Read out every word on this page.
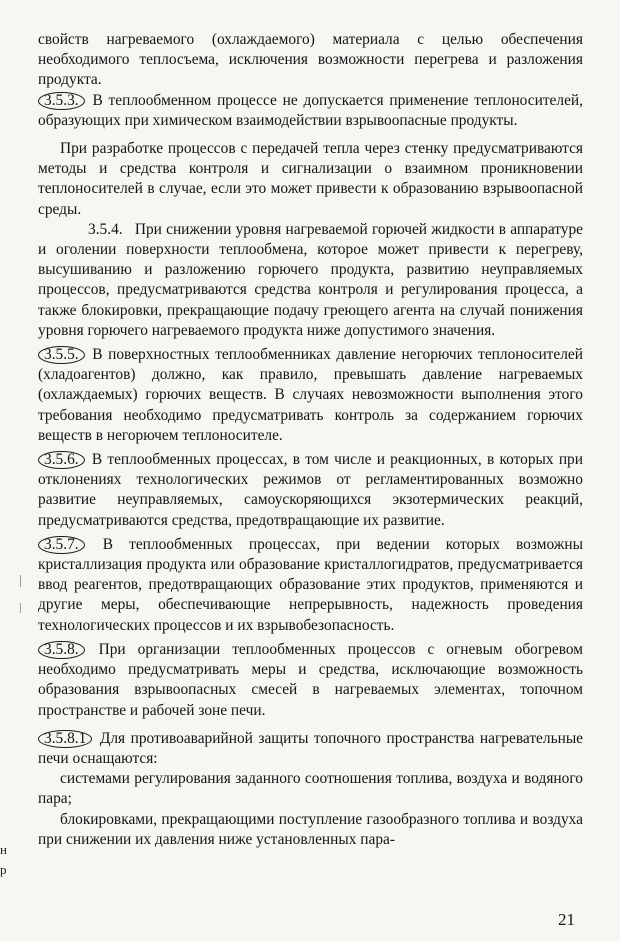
свойств нагреваемого (охлаждаемого) материала с целью обеспечения необходимого теплосъема, исключения возможности перегрева и разложения продукта.

3.5.3. В теплообменном процессе не допускается применение теплоносителей, образующих при химическом взаимодействии взрывоопасные продукты.

При разработке процессов с передачей тепла через стенку предусматриваются методы и средства контроля и сигнализации о взаимном проникновении теплоносителей в случае, если это может привести к образованию взрывоопасной среды.

3.5.4. При снижении уровня нагреваемой горючей жидкости в аппаратуре и оголении поверхности теплообмена, которое может привести к перегреву, высушиванию и разложению горючего продукта, развитию неуправляемых процессов, предусматриваются средства контроля и регулирования процесса, а также блокировки, прекращающие подачу греющего агента на случай понижения уровня горючего нагреваемого продукта ниже допустимого значения.

3.5.5. В поверхностных теплообменниках давление негорючих теплоносителей (хладоагентов) должно, как правило, превышать давление нагреваемых (охлаждаемых) горючих веществ. В случаях невозможности выполнения этого требования необходимо предусматривать контроль за содержанием горючих веществ в негорючем теплоносителе.

3.5.6. В теплообменных процессах, в том числе и реакционных, в которых при отклонениях технологических режимов от регламентированных возможно развитие неуправляемых, самоускоряющихся экзотермических реакций, предусматриваются средства, предотвращающие их развитие.

3.5.7. В теплообменных процессах, при ведении которых возможны кристаллизация продукта или образование кристаллогидратов, предусматривается ввод реагентов, предотвращающих образование этих продуктов, применяются и другие меры, обеспечивающие непрерывность, надежность проведения технологических процессов и их взрывобезопасность.

3.5.8. При организации теплообменных процессов с огневым обогревом необходимо предусматривать меры и средства, исключающие возможность образования взрывоопасных смесей в нагреваемых элементах, топочном пространстве и рабочей зоне печи.

3.5.8.1 Для противоаварийной защиты топочного пространства нагревательные печи оснащаются:

системами регулирования заданного соотношения топлива, воздуха и водяного пара;

блокировками, прекращающими поступление газообразного топлива и воздуха при снижении их давления ниже установленных пара-

н
р
21
